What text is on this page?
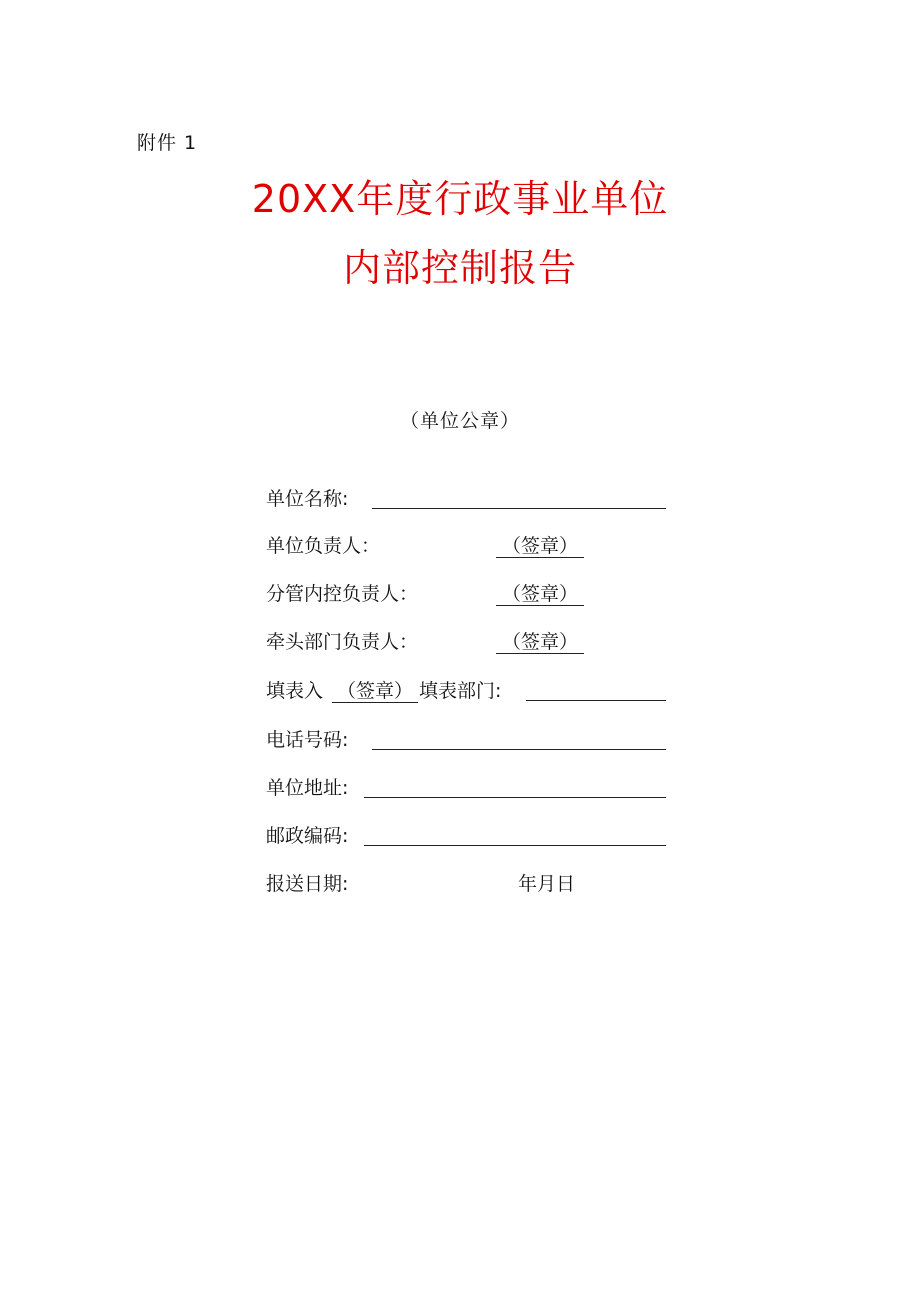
附件 1
20XX年度行政事业单位
内部控制报告
（单位公章）
单位名称:
单位负责人：	（签章）
分管内控负责人：	（签章）
牵头部门负责人：	（签章）
填表入 （签章） 填表部门:
电话号码:
单位地址:
邮政编码:
报送日期:	年月日
